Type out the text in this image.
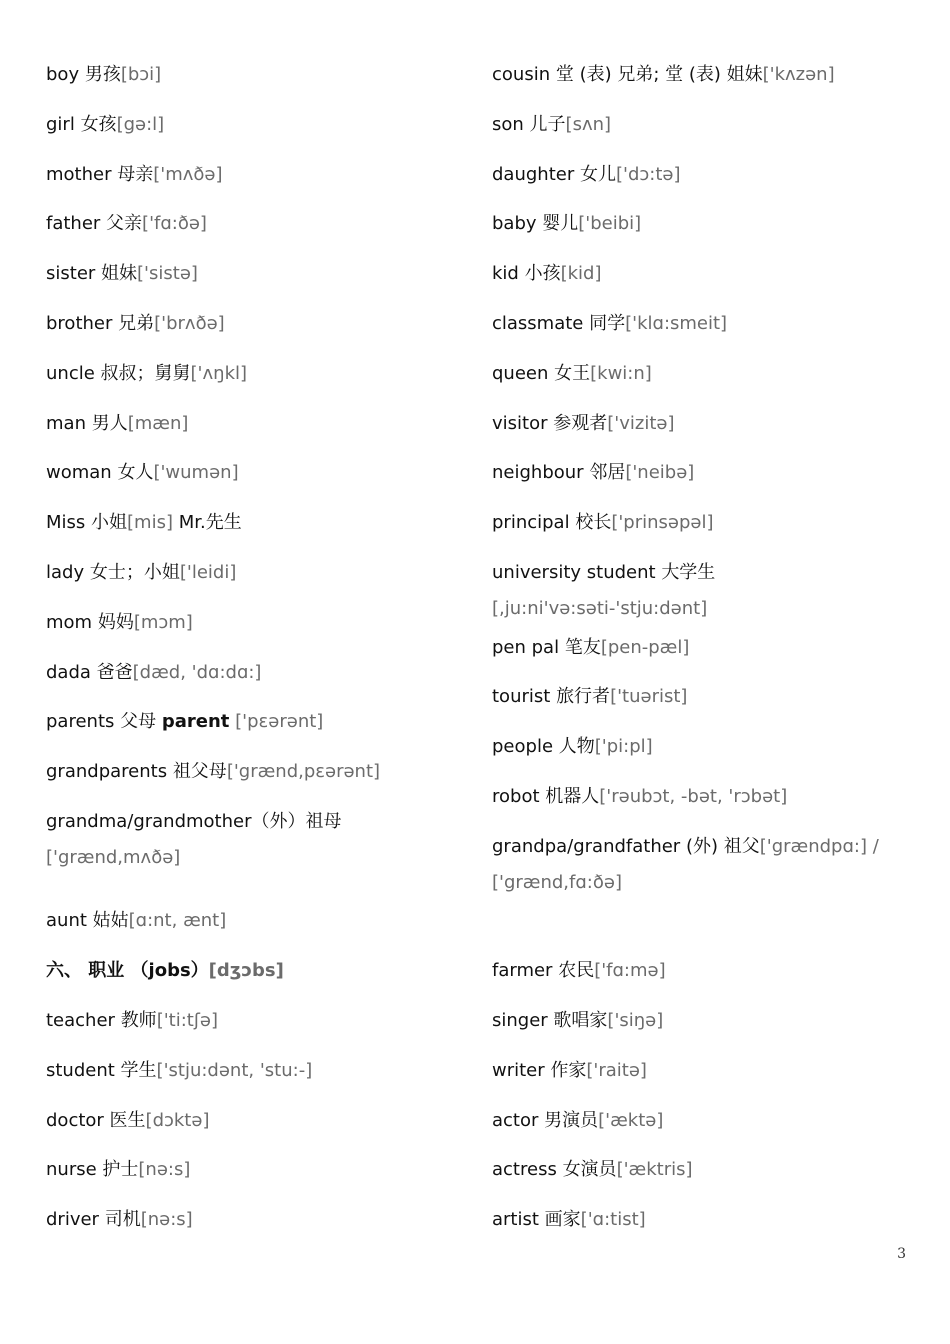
boy 男孩[bɔi]
girl 女孩[gə:l]
mother 母亲['mʌðə]
father 父亲['fɑ:ðə]
sister 姐妹['sistə]
brother 兄弟['brʌðə]
uncle 叔叔；舅舅['ʌŋkl]
man 男人[mæn]
woman 女人['wumən]
Miss 小姐[mis] Mr.先生
lady 女士；小姐['leidi]
mom 妈妈[mɔm]
dada 爸爸[dæd, 'dɑ:dɑ:]
parents 父母 parent ['pɛərənt]
grandparents 祖父母['grænd,pɛərənt]
grandma/grandmother（外）祖母
['grænd,mʌðə]
aunt 姑姑[ɑ:nt, ænt]
六、 职业 （jobs）[dʒɔbs]
teacher 教师['ti:tʃə]
student 学生['stju:dənt, 'stu:-]
doctor 医生[dɔktə]
nurse 护士[nə:s]
driver 司机[nə:s]
cousin 堂 (表) 兄弟; 堂 (表) 姐妹['kʌzən]
son 儿子[sʌn]
daughter 女儿['dɔ:tə]
baby 婴儿['beibi]
kid 小孩[kid]
classmate 同学['klɑ:smeit]
queen 女王[kwi:n]
visitor 参观者['vizitə]
neighbour 邻居['neibə]
principal 校长['prinsəpəl]
university student 大学生
[,ju:ni'və:səti-'stju:dənt]
pen pal 笔友[pen-pæl]
tourist 旅行者['tuərist]
people 人物['pi:pl]
robot 机器人['rəubɔt, -bət, 'rɔbət]
grandpa/grandfather (外) 祖父['grændpɑ:] / ['grænd,fɑ:ðə]
farmer 农民['fɑ:mə]
singer 歌唱家['siŋə]
writer 作家['raitə]
actor 男演员['æktə]
actress 女演员['æktris]
artist 画家['ɑ:tist]
3
